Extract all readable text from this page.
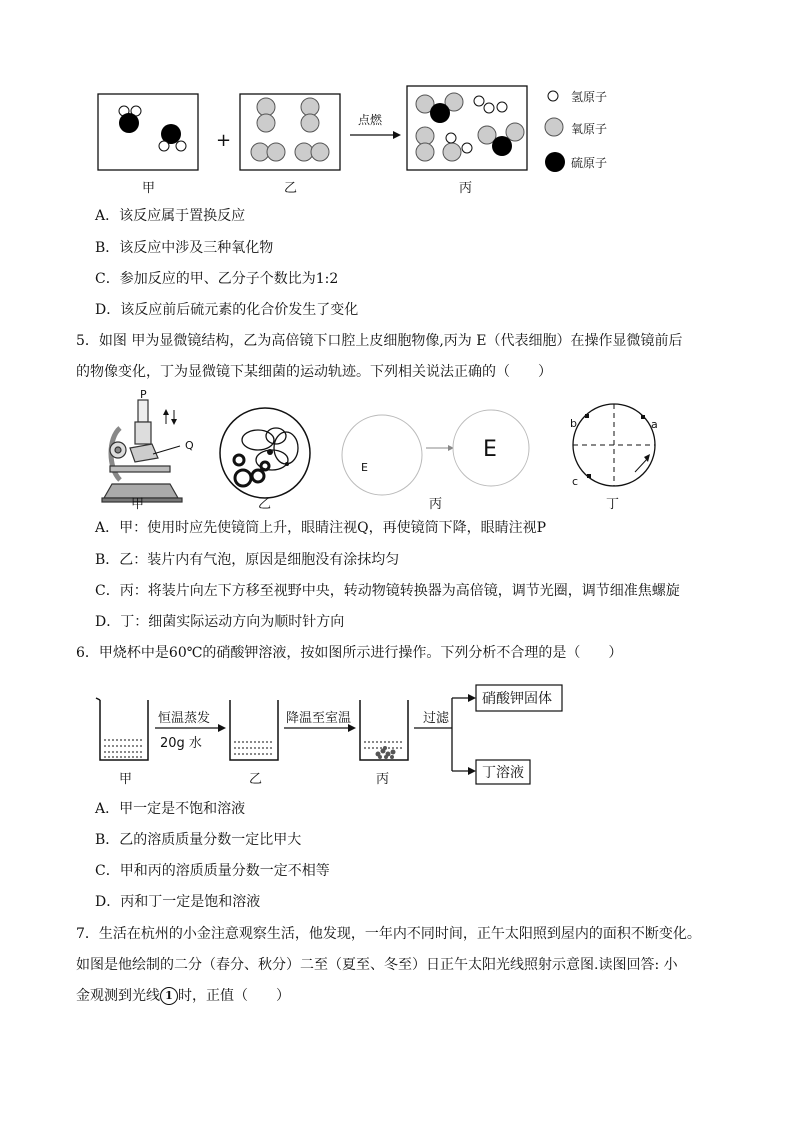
+
点燃
氢原子
氧原子
硫原子
甲	乙	丙
A．该反应属于置换反应
B．该反应中涉及三种氧化物
C．参加反应的甲、乙分子个数比为1:2
D．该反应前后硫元素的化合价发生了变化
5．如图 甲为显微镜结构，乙为高倍镜下口腔上皮细胞物像,丙为 E（代表细胞）在操作显微镜前后
的物像变化，丁为显微镜下某细菌的运动轨迹。下列相关说法正确的（　　）
P
Q
E
E
b	a
c
甲	乙	丙	丁
A．甲：使用时应先使镜筒上升，眼睛注视Q，再使镜筒下降，眼睛注视P
B．乙：装片内有气泡，原因是细胞没有涂抹均匀
C．丙：将装片向左下方移至视野中央，转动物镜转换器为高倍镜，调节光圈，调节细准焦螺旋
D．丁：细菌实际运动方向为顺时针方向
6．甲烧杯中是60℃的硝酸钾溶液，按如图所示进行操作。下列分析不合理的是（　　）
恒温蒸发
20g 水
降温至室温	过滤
硝酸钾固体
丁溶液
甲	乙	丙
A．甲一定是不饱和溶液
B．乙的溶质质量分数一定比甲大
C．甲和丙的溶质质量分数一定不相等
D．丙和丁一定是饱和溶液
7．生活在杭州的小金注意观察生活，他发现，一年内不同时间，正午太阳照到屋内的面积不断变化。
如图是他绘制的二分（春分、秋分）二至（夏至、冬至）日正午太阳光线照射示意图.读图回答: 小
金观测到光线 1 时，正值（　　）
